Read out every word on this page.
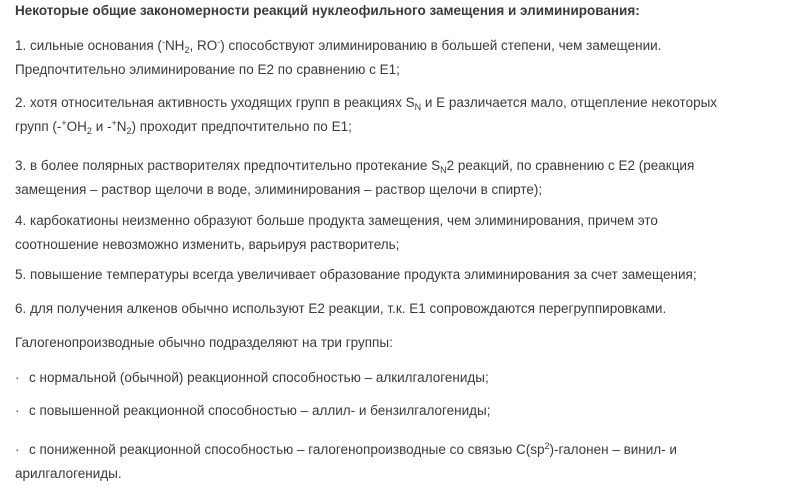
Некоторые общие закономерности реакций нуклеофильного замещения и элиминирования:
1. сильные основания ($^-NH_2$, RO-) способствуют элиминированию в большей степени, чем замещении.
Предпочтительно элиминирование по Е2 по сравнению с Е1;
2. хотя относительная активность уходящих групп в реакциях $S_N$ и Е различается мало, отщепление некоторых
групп ($-^+OH_2$ и $-^+N_2$) проходит предпочтительно по Е1;
3. в более полярных растворителях предпочтительно протекание $S_N2$ реакций, по сравнению с Е2 (реакция
замещения – раствор щелочи в воде, элиминирования – раствор щелочи в спирте);
4. карбокатионы неизменно образуют больше продукта замещения, чем элиминирования, причем это
соотношение невозможно изменить, варьируя растворитель;
5. повышение температуры всегда увеличивает образование продукта элиминирования за счет замещения;
6. для получения алкенов обычно используют Е2 реакции, т.к. Е1 сопровождаются перегруппировками.
Галогенопроизводные обычно подразделяют на три группы:
· с нормальной (обычной) реакционной способностью – алкилгалогениды;
· с повышенной реакционной способностью – аллил- и бензилгалогениды;
· с пониженной реакционной способностью – галогенопроизводные со связью $С(sp^2)$-галонен – винил- и
арилгалогениды.
